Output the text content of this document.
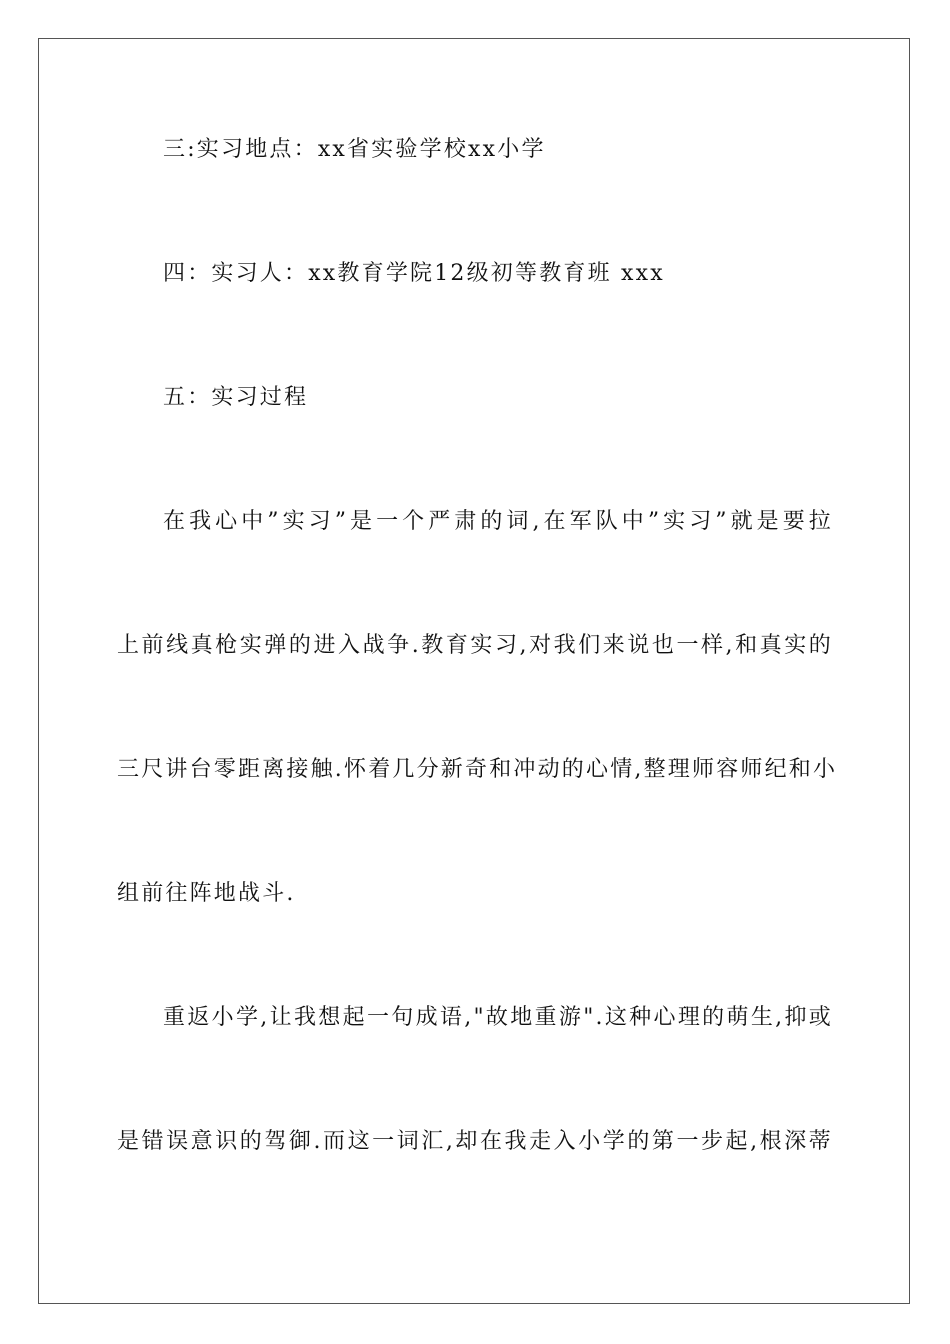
三:实习地点：xx省实验学校xx小学
四：实习人：xx教育学院12级初等教育班 xxx
五：实习过程
在我心中”实习”是一个严肃的词,在军队中”实习”就是要拉
上前线真枪实弹的进入战争.教育实习,对我们来说也一样,和真实的
三尺讲台零距离接触.怀着几分新奇和冲动的心情,整理师容师纪和小
组前往阵地战斗.
重返小学,让我想起一句成语,"故地重游".这种心理的萌生,抑或
是错误意识的驾御.而这一词汇,却在我走入小学的第一步起,根深蒂
